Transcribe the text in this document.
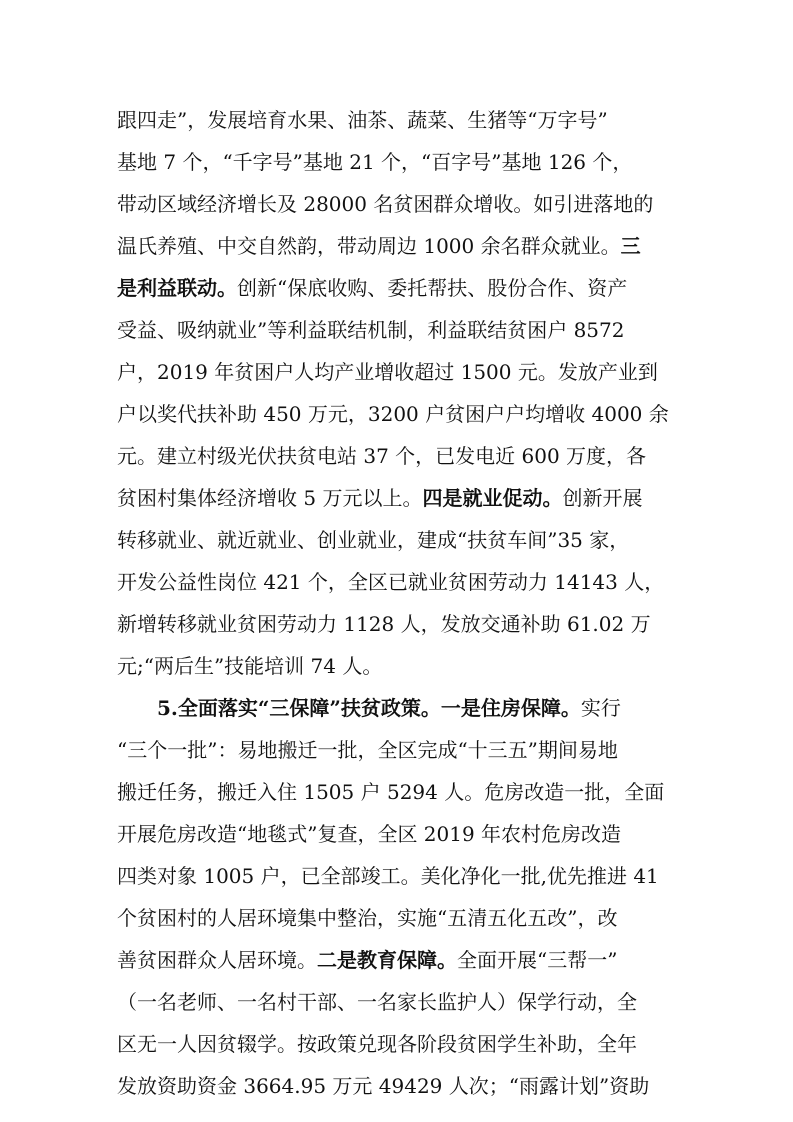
跟四走”，发展培育水果、油茶、蔬菜、生猪等“万字号”
基地 7 个，“千字号”基地 21 个，“百字号”基地 126 个，
带动区域经济增长及 28000 名贫困群众增收。如引进落地的
温氏养殖、中交自然韵，带动周边 1000 余名群众就业。三
是利益联动。创新“保底收购、委托帮扶、股份合作、资产
受益、吸纳就业”等利益联结机制，利益联结贫困户 8572
户，2019 年贫困户人均产业增收超过 1500 元。发放产业到
户以奖代扶补助 450 万元，3200 户贫困户户均增收 4000 余
元。建立村级光伏扶贫电站 37 个，已发电近 600 万度，各
贫困村集体经济增收 5 万元以上。四是就业促动。创新开展
转移就业、就近就业、创业就业，建成“扶贫车间”35 家，
开发公益性岗位 421 个，全区已就业贫困劳动力 14143 人，
新增转移就业贫困劳动力 1128 人，发放交通补助 61.02 万
元;“两后生”技能培训 74 人。
5.全面落实“三保障”扶贫政策。一是住房保障。实行
“三个一批”：易地搬迁一批，全区完成“十三五”期间易地
搬迁任务，搬迁入住 1505 户 5294 人。危房改造一批，全面
开展危房改造“地毯式”复查，全区 2019 年农村危房改造
四类对象 1005 户，已全部竣工。美化净化一批,优先推进 41
个贫困村的人居环境集中整治，实施“五清五化五改”，改
善贫困群众人居环境。二是教育保障。全面开展“三帮一”
（一名老师、一名村干部、一名家长监护人）保学行动，全
区无一人因贫辍学。按政策兑现各阶段贫困学生补助，全年
发放资助资金 3664.95 万元 49429 人次；“雨露计划”资助
